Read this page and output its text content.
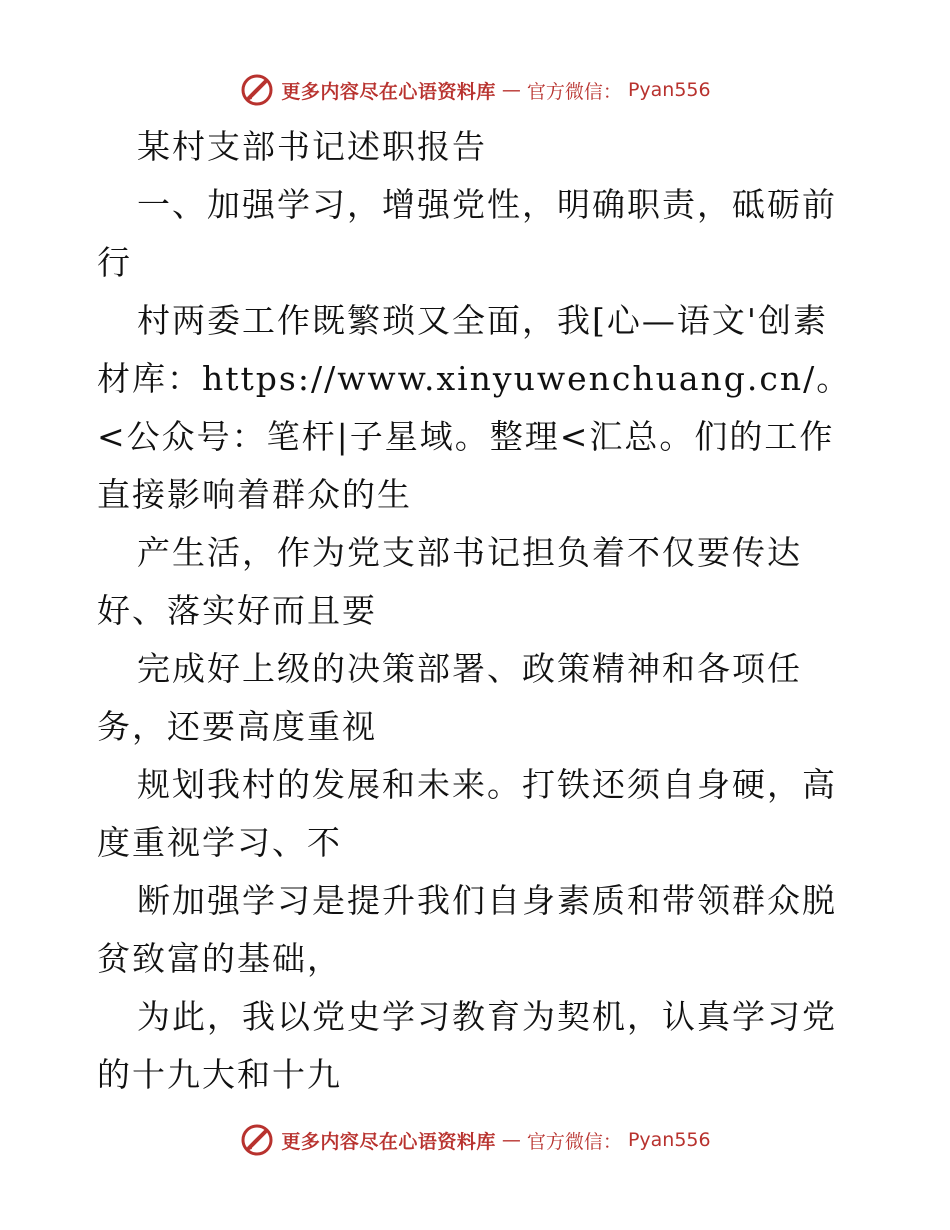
更多内容尽在心语资料库 — 官方微信： Pyan556

某村支部书记述职报告

一、加强学习，增强党性，明确职责，砥砺前行

村两委工作既繁琐又全面，我[心—语文'创素材库：https://www.xinyuwenchuang.cn/。<公众号：笔杆|子星域。整理<汇总。们的工作直接影响着群众的生

产生活，作为党支部书记担负着不仅要传达好、落实好而且要

完成好上级的决策部署、政策精神和各项任务，还要高度重视

规划我村的发展和未来。打铁还须自身硬，高度重视学习、不

断加强学习是提升我们自身素质和带领群众脱贫致富的基础，

为此，我以党史学习教育为契机，认真学习党的十九大和十九

更多内容尽在心语资料库 — 官方微信： Pyan556
